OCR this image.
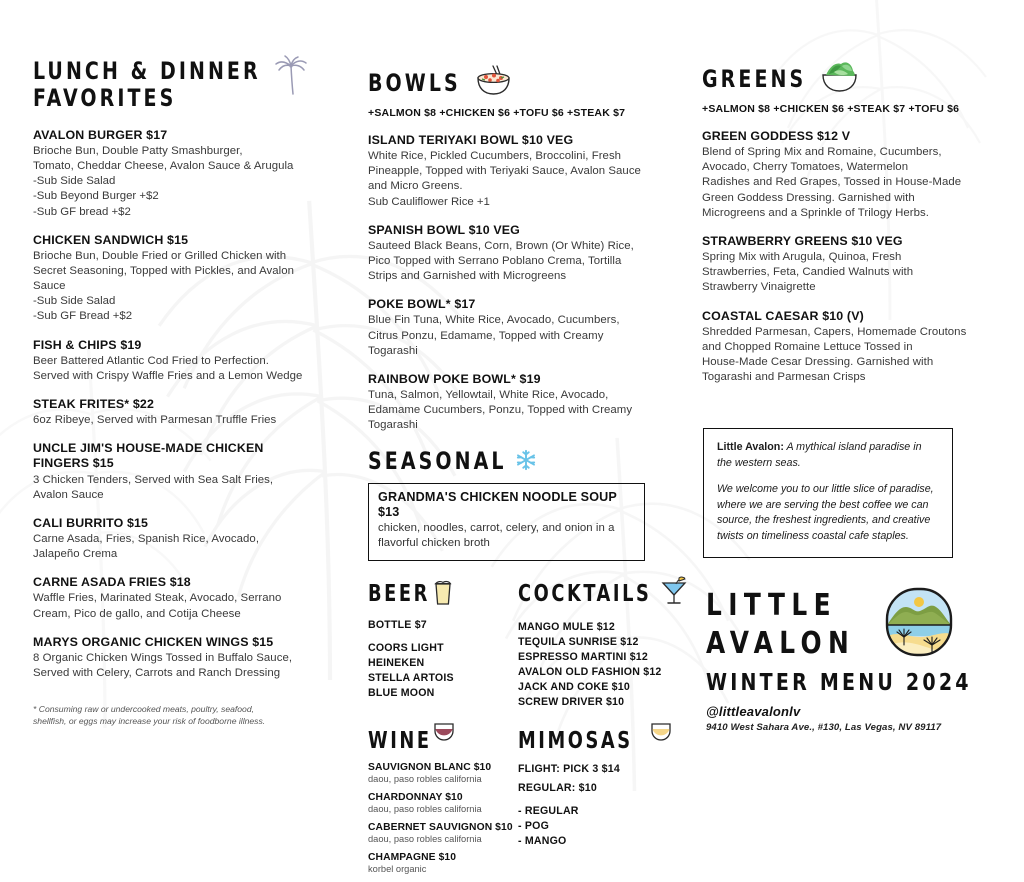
LUNCH & DINNER
FAVORITES
AVALON BURGER $17
Brioche Bun, Double Patty Smashburger,
Tomato, Cheddar Cheese, Avalon Sauce & Arugula
-Sub Side Salad
-Sub Beyond Burger +$2
-Sub GF bread +$2
CHICKEN SANDWICH $15
Brioche Bun, Double Fried or Grilled Chicken with
Secret Seasoning, Topped with Pickles, and Avalon
Sauce
-Sub Side Salad
-Sub GF Bread +$2
FISH & CHIPS $19
Beer Battered Atlantic Cod Fried to Perfection.
Served with Crispy Waffle Fries and a Lemon Wedge
STEAK FRITES* $22
6oz Ribeye, Served with Parmesan Truffle Fries
UNCLE JIM'S HOUSE-MADE CHICKEN
FINGERS $15
3 Chicken Tenders, Served with Sea Salt Fries,
Avalon Sauce
CALI BURRITO $15
Carne Asada, Fries, Spanish Rice, Avocado,
Jalapeño Crema
CARNE ASADA FRIES $18
Waffle Fries, Marinated Steak, Avocado, Serrano
Cream, Pico de gallo, and Cotija Cheese
MARYS ORGANIC CHICKEN WINGS $15
8 Organic Chicken Wings Tossed in Buffalo Sauce,
Served with Celery, Carrots and Ranch Dressing
* Consuming raw or undercooked meats, poultry, seafood,
shellfish, or eggs may increase your risk of foodborne illness.
BOWLS
+SALMON $8 +CHICKEN $6 +TOFU $6 +STEAK $7
ISLAND TERIYAKI BOWL $10 VEG
White Rice, Pickled Cucumbers, Broccolini, Fresh
Pineapple, Topped with Teriyaki Sauce, Avalon Sauce
and Micro Greens.
Sub Cauliflower Rice +1
SPANISH BOWL $10 VEG
Sauteed Black Beans, Corn, Brown (Or White) Rice,
Pico Topped with Serrano Poblano Crema, Tortilla
Strips and Garnished with Microgreens
POKE BOWL* $17
Blue Fin Tuna, White Rice, Avocado, Cucumbers,
Citrus Ponzu, Edamame, Topped with Creamy
Togarashi
RAINBOW POKE BOWL* $19
Tuna, Salmon, Yellowtail, White Rice, Avocado,
Edamame Cucumbers, Ponzu, Topped with Creamy
Togarashi
SEASONAL
GRANDMA'S CHICKEN NOODLE SOUP $13
chicken, noodles, carrot, celery, and onion in a
flavorful chicken broth
BEER
BOTTLE $7
COORS LIGHT
HEINEKEN
STELLA ARTOIS
BLUE MOON
COCKTAILS
MANGO MULE $12
TEQUILA SUNRISE $12
ESPRESSO MARTINI $12
AVALON OLD FASHION $12
JACK AND COKE $10
SCREW DRIVER $10
WINE
SAUVIGNON BLANC $10
daou, paso robles california
CHARDONNAY $10
daou, paso robles california
CABERNET SAUVIGNON $10
daou, paso robles california
CHAMPAGNE $10
korbel organic
MIMOSAS
FLIGHT: PICK 3 $14
REGULAR: $10
- REGULAR
- POG
- MANGO
GREENS
+SALMON $8 +CHICKEN $6 +STEAK $7 +TOFU $6
GREEN GODDESS $12 V
Blend of Spring Mix and Romaine, Cucumbers,
Avocado, Cherry Tomatoes, Watermelon
Radishes and Red Grapes, Tossed in House-Made
Green Goddess Dressing. Garnished with
Microgreens and a Sprinkle of Trilogy Herbs.
STRAWBERRY GREENS $10 VEG
Spring Mix with Arugula, Quinoa, Fresh
Strawberries, Feta, Candied Walnuts with
Strawberry Vinaigrette
COASTAL CAESAR $10 (V)
Shredded Parmesan, Capers, Homemade Croutons
and Chopped Romaine Lettuce Tossed in
House-Made Cesar Dressing. Garnished with
Togarashi and Parmesan Crisps
Little Avalon: A mythical island paradise in the western seas.
We welcome you to our little slice of paradise, where we are serving the best coffee we can source, the freshest ingredients, and creative twists on timeliness coastal cafe staples.
LITTLE
AVALON
WINTER MENU 2024
@littleavalonlv
9410 West Sahara Ave., #130, Las Vegas, NV 89117
